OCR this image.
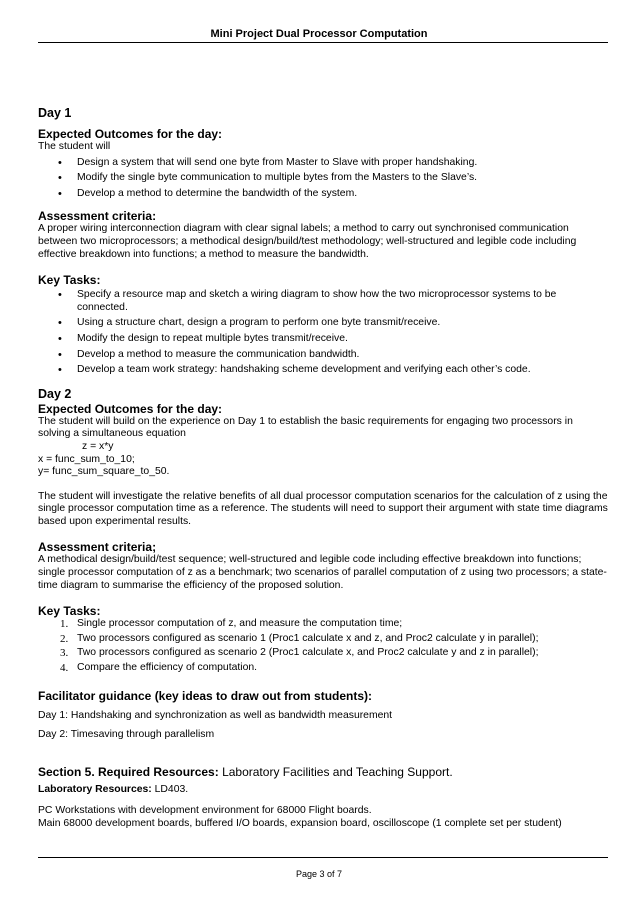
Mini Project Dual Processor Computation
Day 1
Expected Outcomes for the day:

The student will

• Design a system that will send one byte from Master to Slave with proper handshaking.
• Modify the single byte communication to multiple bytes from the Masters to the Slave’s.
• Develop a method to determine the bandwidth of the system.
Assessment criteria:

A proper wiring interconnection diagram with clear signal labels; a method to carry out synchronised communication between two microprocessors; a methodical design/build/test methodology; well-structured and legible code including effective breakdown into functions; a method to measure the bandwidth.

Key Tasks:
• Specify a resource map and sketch a wiring diagram to show how the two microprocessor systems to be connected.
• Using a structure chart, design a program to perform one byte transmit/receive.
• Modify the design to repeat multiple bytes transmit/receive.
• Develop a method to measure the communication bandwidth.
• Develop a team work strategy: handshaking scheme development and verifying each other’s code.
Day 2
Expected Outcomes for the day:

The student will build on the experience on Day 1 to establish the basic requirements for engaging two processors in solving a simultaneous equation

z = x*y

x = func_sum_to_10;

y= func_sum_square_to_50.

The student will investigate the relative benefits of all dual processor computation scenarios for the calculation of z using the single processor computation time as a reference. The students will need to support their argument with state time diagrams based upon experimental results.

Assessment criteria;

A methodical design/build/test sequence; well-structured and legible code including effective breakdown into functions; single processor computation of z as a benchmark; two scenarios of parallel computation of z using two processors; a state-time diagram to summarise the efficiency of the proposed solution.

Key Tasks:
1. Single processor computation of z, and measure the computation time;
2. Two processors configured as scenario 1 (Proc1 calculate x and z, and Proc2 calculate y in parallel);
3. Two processors configured as scenario 2 (Proc1 calculate x, and Proc2 calculate y and z in parallel);
4. Compare the efficiency of computation.
Facilitator guidance (key ideas to draw out from students):

Day 1: Handshaking and synchronization as well as bandwidth measurement

Day 2: Timesaving through parallelism

Section 5. Required Resources: Laboratory Facilities and Teaching Support.

Laboratory Resources: LD403.

PC Workstations with development environment for 68000 Flight boards.

Main 68000 development boards, buffered I/O boards, expansion board, oscilloscope (1 complete set per student)

Page 3 of 7
